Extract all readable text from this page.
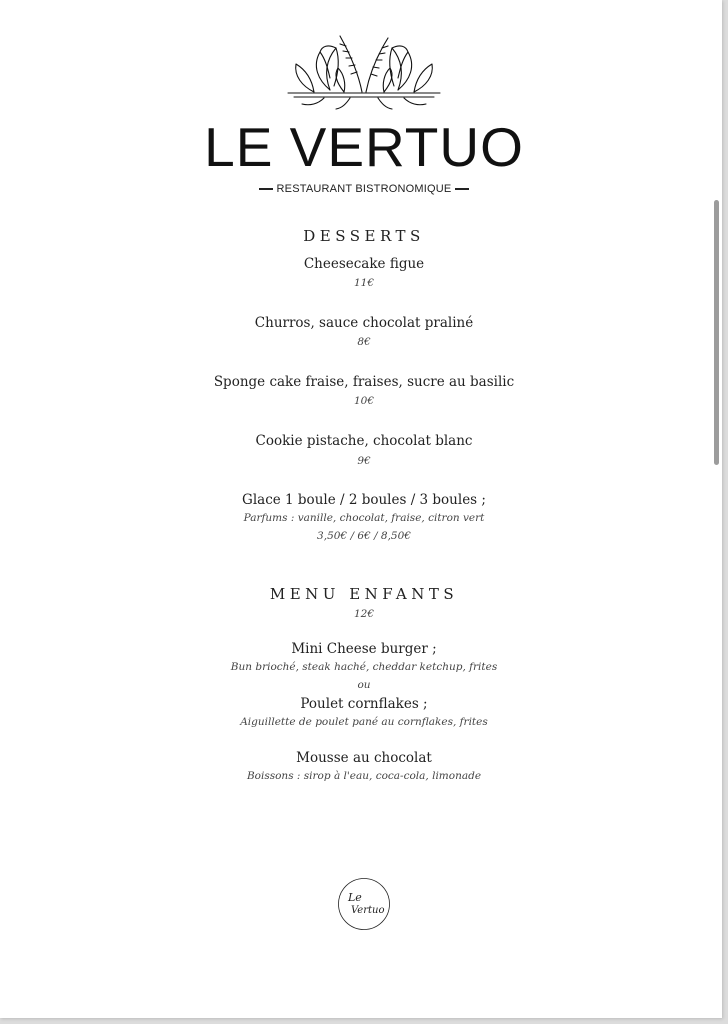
LE VERTUO
RESTAURANT BISTRONOMIQUE
DESSERTS
Cheesecake figue
11€
Churros, sauce chocolat praliné
8€
Sponge cake fraise, fraises, sucre au basilic
10€
Cookie pistache, chocolat blanc
9€
Glace 1 boule / 2 boules / 3 boules ;
Parfums : vanille, chocolat, fraise, citron vert
3,50€ / 6€ / 8,50€
MENU ENFANTS
12€
Mini Cheese burger ;
Bun brioché, steak haché, cheddar ketchup, frites
ou
Poulet cornflakes ;
Aiguillette de poulet pané au cornflakes, frites
Mousse au chocolat
Boissons : sirop à l'eau, coca-cola, limonade
Le
Vertuo
